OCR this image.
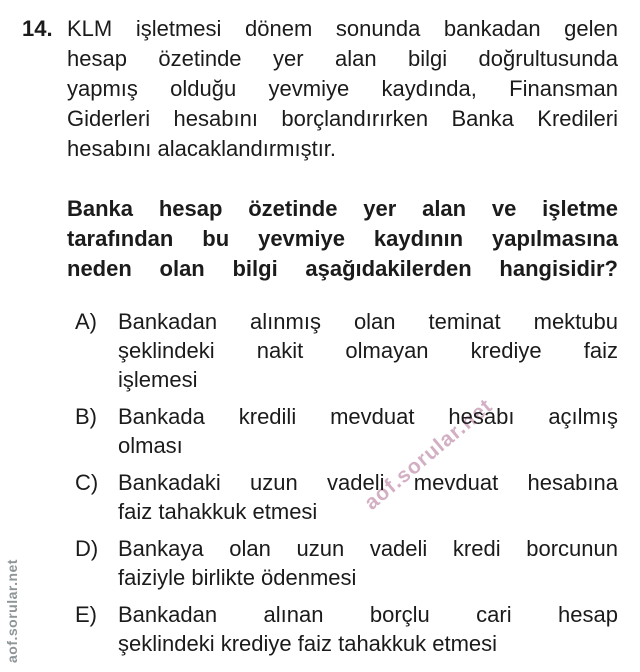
aof.sorular.net
aof.sorular.net
14. KLM işletmesi dönem sonunda bankadan gelen
hesap özetinde yer alan bilgi doğrultusunda
yapmış olduğu yevmiye kaydında, Finansman
Giderleri hesabını borçlandırırken Banka Kredileri
hesabını alacaklandırmıştır.
Banka hesap özetinde yer alan ve işletme
tarafından bu yevmiye kaydının yapılmasına
neden olan bilgi aşağıdakilerden hangisidir?
A) Bankadan alınmış olan teminat mektubu
şeklindeki nakit olmayan krediye faiz
işlemesi
B) Bankada kredili mevduat hesabı açılmış
olması
C) Bankadaki uzun vadeli mevduat hesabına
faiz tahakkuk etmesi
D) Bankaya olan uzun vadeli kredi borcunun
faiziyle birlikte ödenmesi
E) Bankadan alınan borçlu cari hesap
şeklindeki krediye faiz tahakkuk etmesi
